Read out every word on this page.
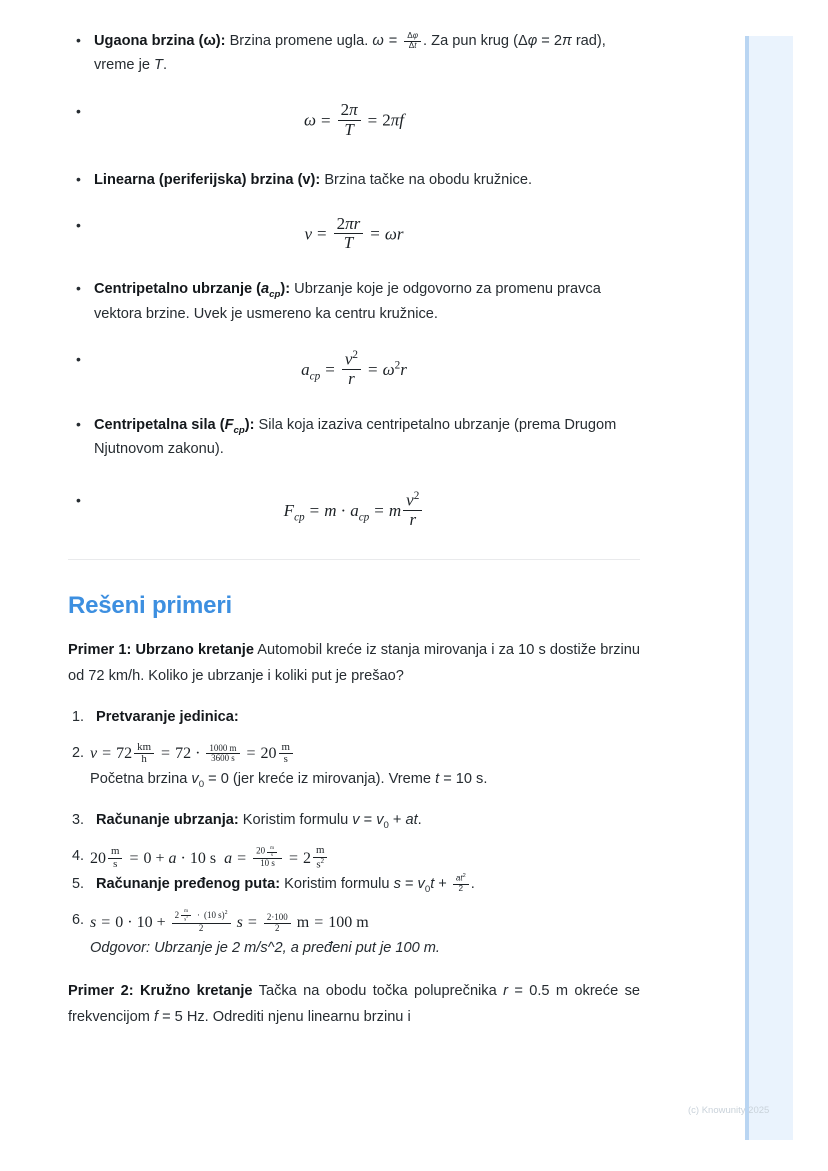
• Ugaona brzina (ω): Brzina promene ugla. $\omega = \frac{\Delta\varphi}{\Delta t}$ . Za pun krug (Δφ = 2π rad), vreme je T.
• $\omega = \frac{2\pi}{T} = 2\pi f$
• Linearna (periferijska) brzina (v): Brzina tačke na obodu kružnice.
• $v = \frac{2\pi r}{T} = \omega r$
• Centripetalno ubrzanje $(a_{cp})$: Ubrzanje koje je odgovorno za promenu pravca vektora brzine. Uvek je usmereno ka centru kružnice.
• $a_{cp} = \frac{v^2}{r} = \omega^2r$
• Centripetalna sila $(F_{cp})$: Sila koja izaziva centripetalno ubrzanje (prema Drugom Njutnovom zakonu).
• $F_{cp} = m \cdot a_{cp} = m \frac{v^2}{r}$
Rešeni primeri

Primer 1: Ubrzano kretanje Automobil kreće iz stanja mirovanja i za 10 s dostiže brzinu od 72 km/h. Koliko je ubrzanje i koliki put je prešao?

Pretvaranje jedinica:
$v = 72 \frac{km}{h} = 72 \cdot \frac{1000 m}{3600 s} = 20 \frac{m}{s}$
Početna brzina $v_0 = 0$ (jer kreće iz mirovanja). Vreme t = 10 s.
Računanje ubrzanja: Koristim formulu $v = v_0$ + at.
$20 \frac{m}{s} = 0 + a \cdot 10$ s  $a = \frac{20 \frac{m}{s}}{10 s} = 2 \frac{m}{s^2}$
Računanje pređenog puta: Koristim formulu $s = v_0t + \frac{at^2}{2}$ .
$s = 0 \cdot 10 + \frac{2 \frac{m}{s^2} \cdot (10 s)^2}{2}$ $s = \frac{2\cdot 100}{2}$ m = 100 m
Odgovor: Ubrzanje je 2 m/s^2, a pređeni put je 100 m.

Primer 2: Kružno kretanje Tačka na obodu točka poluprečnika r = 0.5 m okreće se frekvencijom f = 5 Hz. Odrediti njenu linearnu brzinu i

(c) Knowunity 2025
